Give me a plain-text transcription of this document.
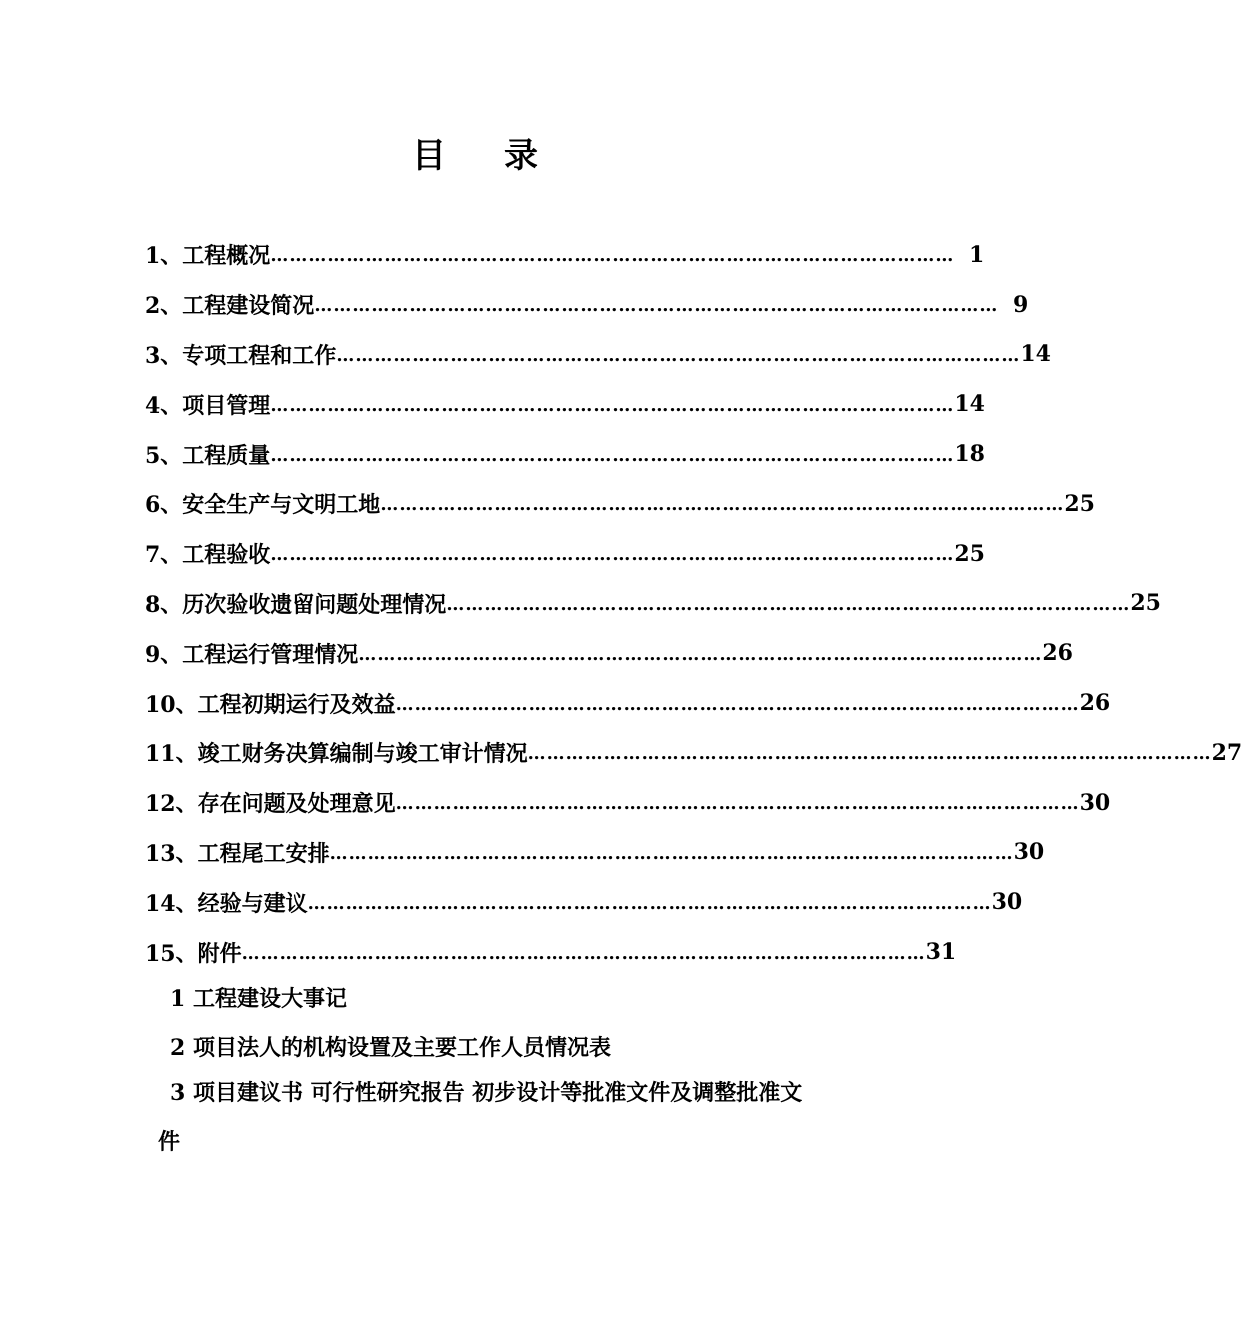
目 录
1、工程概况 ……………………………………………………………………………………………… 1
2、工程建设简况 ……………………………………………………………………………………………… 9
3、专项工程和工作 ……………………………………………………………………………………………… 14
4、项目管理 ……………………………………………………………………………………………… 14
5、工程质量 ……………………………………………………………………………………………… 18
6、安全生产与文明工地 ……………………………………………………………………………………………… 25
7、工程验收 ……………………………………………………………………………………………… 25
8、历次验收遗留问题处理情况 ……………………………………………………………………………………………… 25
9、工程运行管理情况 ……………………………………………………………………………………………… 26
10、工程初期运行及效益 ……………………………………………………………………………………………… 26
11、竣工财务决算编制与竣工审计情况 ……………………………………………………………………………………………… 27
12、存在问题及处理意见 ……………………………………………………………………………………………… 30
13、工程尾工安排 ……………………………………………………………………………………………… 30
14、经验与建议 ……………………………………………………………………………………………… 30
15、附件 ……………………………………………………………………………………………… 31
1 工程建设大事记
2 项目法人的机构设置及主要工作人员情况表
3 项目建议书 可行性研究报告 初步设计等批准文件及调整批准文件
